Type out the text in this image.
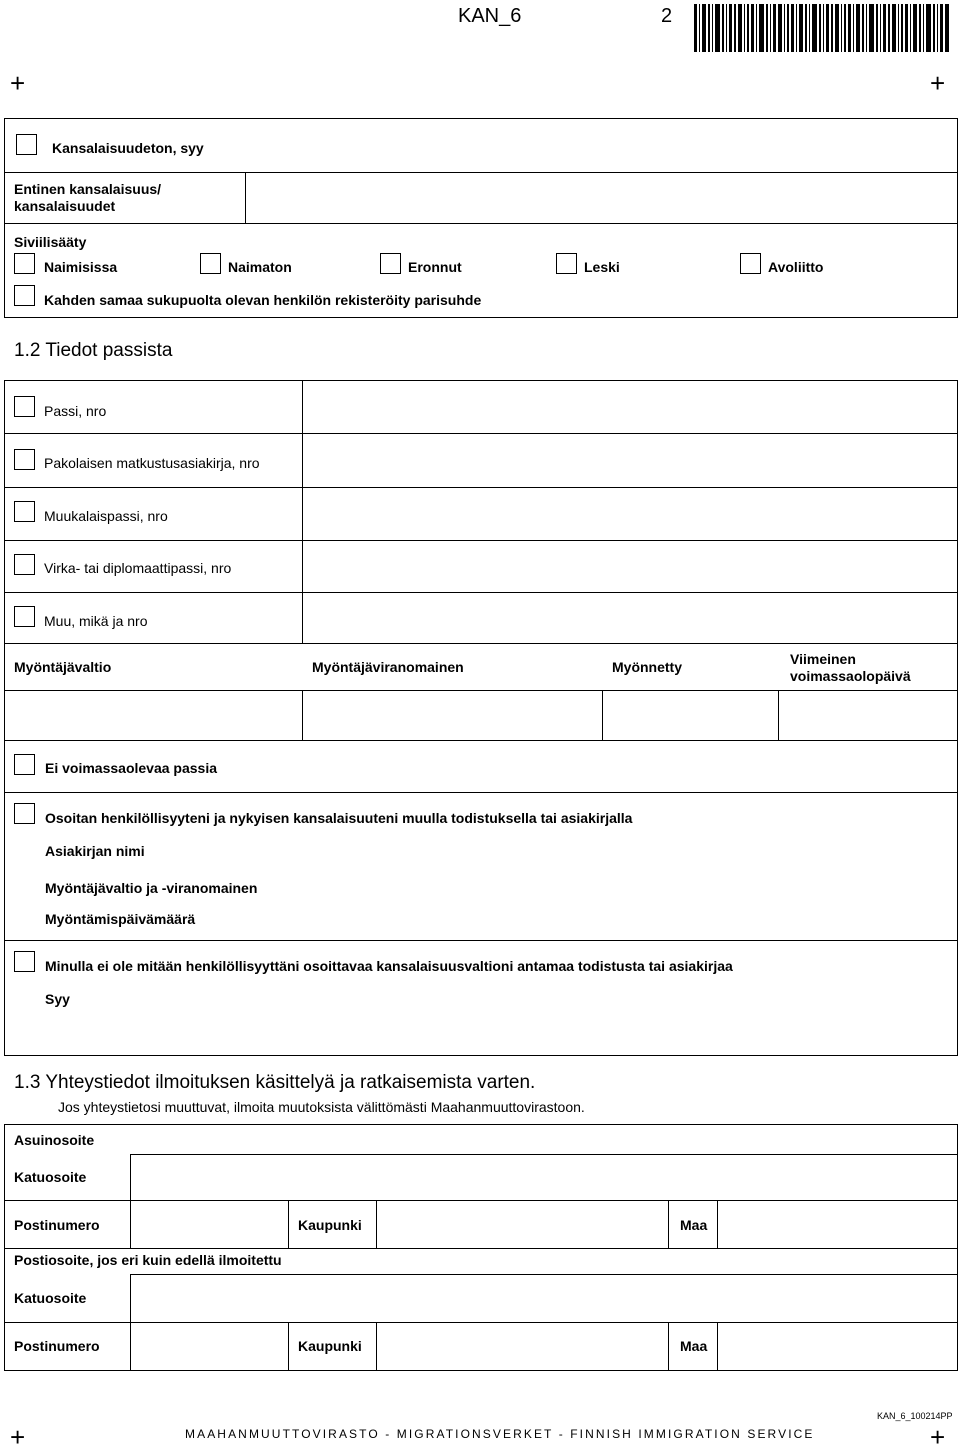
KAN_6	2
+	+
+	+
Kansalaisuudeton, syy
Entinen kansalaisuus/
kansalaisuudet
Siviilisääty
Naimisissa	Naimaton	Eronnut	Leski	Avoliitto
Kahden samaa sukupuolta olevan henkilön rekisteröity parisuhde
1.2 Tiedot passista
Passi, nro
Pakolaisen matkustusasiakirja, nro
Muukalaispassi, nro
Virka- tai diplomaattipassi, nro
Muu, mikä ja nro
Myöntäjävaltio	Myöntäjäviranomainen	Myönnetty	Viimeinen
voimassaolopäivä
Ei voimassaolevaa passia
Osoitan henkilöllisyyteni ja nykyisen kansalaisuuteni muulla todistuksella tai asiakirjalla
Asiakirjan nimi
Myöntäjävaltio ja -viranomainen
Myöntämispäivämäärä
Minulla ei ole mitään henkilöllisyyttäni osoittavaa kansalaisuusvaltioni antamaa todistusta tai asiakirjaa
Syy
1.3 Yhteystiedot ilmoituksen käsittelyä ja ratkaisemista varten.
Jos yhteystietosi muuttuvat, ilmoita muutoksista välittömästi Maahanmuuttovirastoon.
Asuinosoite
Katuosoite
Postinumero	Kaupunki	Maa
Postiosoite, jos eri kuin edellä ilmoitettu
Katuosoite
Postinumero	Kaupunki	Maa
KAN_6_100214PP
MAAHANMUUTTOVIRASTO - MIGRATIONSVERKET - FINNISH IMMIGRATION SERVICE
